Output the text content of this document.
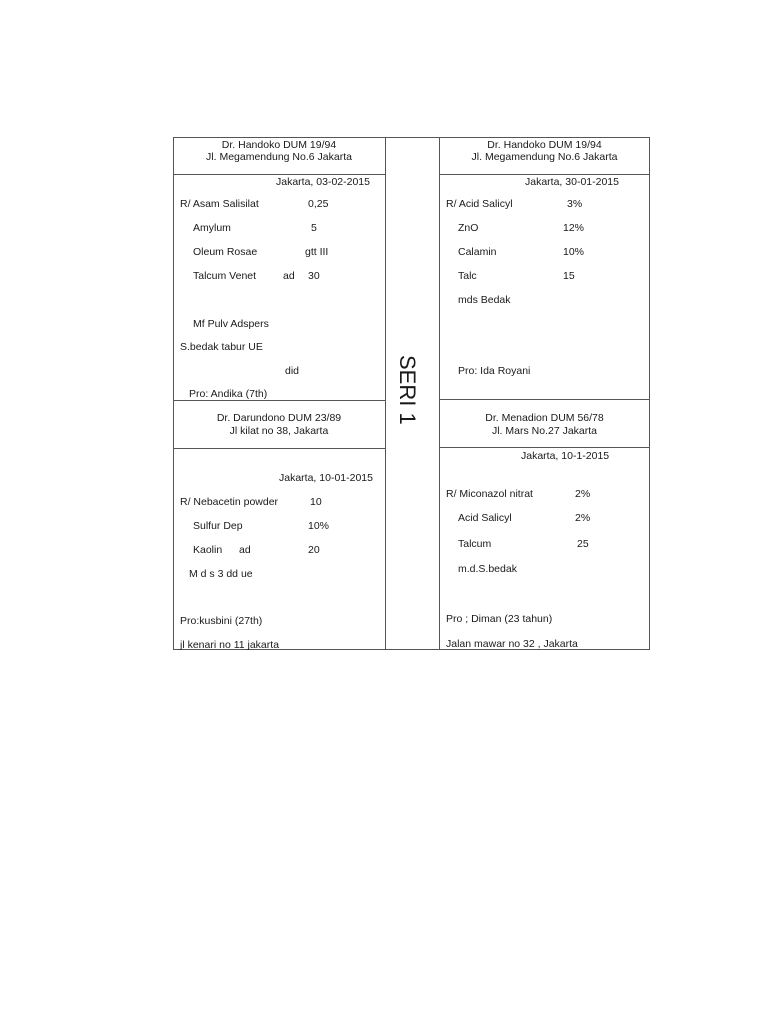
SERI 1
Dr. Handoko DUM 19/94
Jl. Megamendung No.6 Jakarta
Jakarta, 03-02-2015
R/ Asam Salisilat	0,25
Amylum	5
Oleum Rosae	gtt III
Talcum Venet	ad 30
Mf Pulv Adspers
S.bedak tabur UE
did
Pro: Andika (7th)
Dr. Handoko DUM 19/94
Jl. Megamendung No.6 Jakarta
Jakarta, 30-01-2015
R/ Acid Salicyl	3%
ZnO	12%
Calamin	10%
Talc	15
mds Bedak
Pro: Ida Royani
Dr. Darundono DUM 23/89
Jl kilat no 38, Jakarta
Jakarta, 10-01-2015
R/ Nebacetin powder	10
Sulfur Dep	10%
Kaolin ad	20
M d s 3 dd ue
Pro:kusbini (27th)
jl kenari no 11 jakarta
Dr. Menadion DUM 56/78
Jl. Mars No.27 Jakarta
Jakarta, 10-1-2015
R/ Miconazol nitrat	2%
Acid Salicyl	2%
Talcum	25
m.d.S.bedak
Pro ; Diman (23 tahun)
Jalan mawar no 32 , Jakarta
